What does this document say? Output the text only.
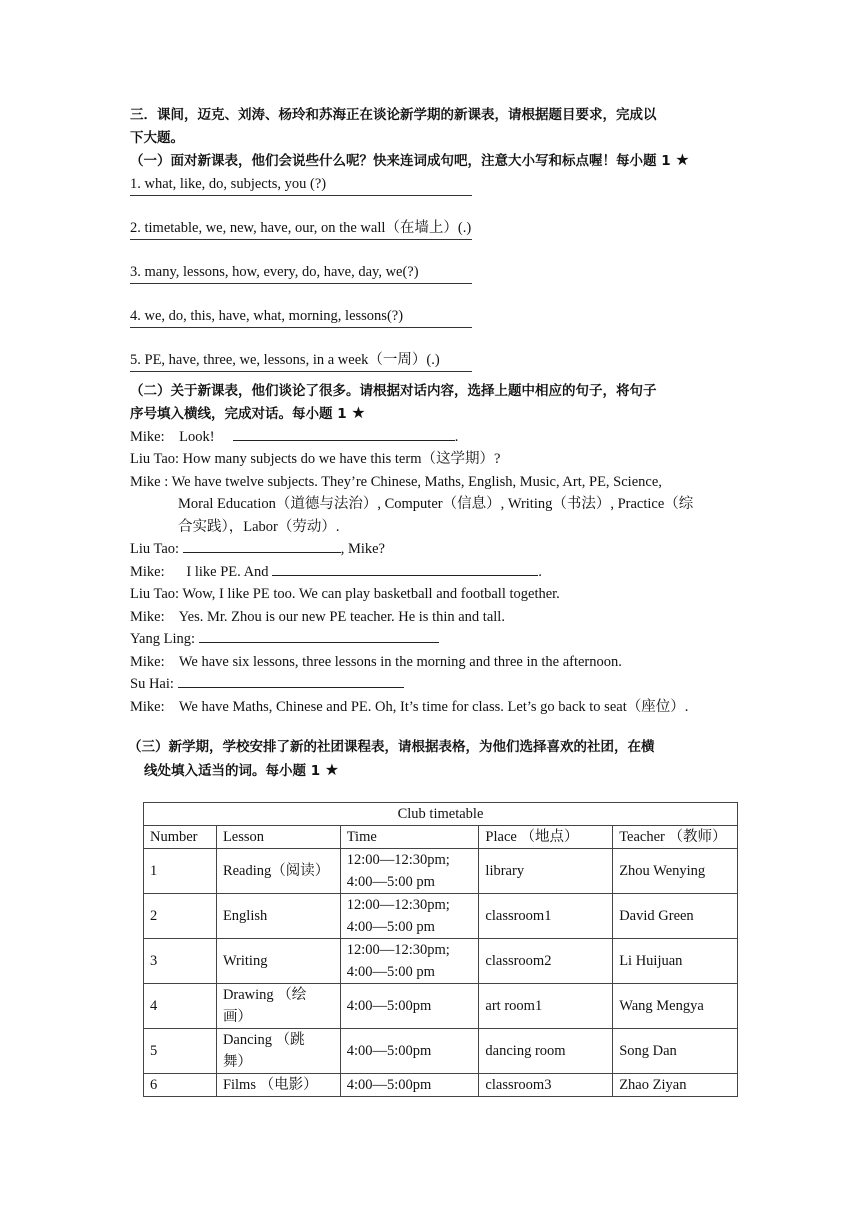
三．课间，迈克、刘涛、杨玲和苏海正在谈论新学期的新课表，请根据题目要求，完成以
下大题。
（一）面对新课表，他们会说些什么呢？快来连词成句吧，注意大小写和标点喔！每小题 1 ★
1. what, like, do, subjects, you (?)
2. timetable, we, new, have, our, on the wall（在墙上）(.)
3. many, lessons, how, every, do, have, day, we(?)
4. we, do, this, have, what, morning, lessons(?)
5. PE, have, three, we, lessons, in a week（一周）(.)
（二）关于新课表，他们谈论了很多。请根据对话内容，选择上题中相应的句子，将句子
序号填入横线，完成对话。每小题 1 ★
Mike: Look!	.
Liu Tao: How many subjects do we have this term（这学期）?
Mike : We have twelve subjects. They’re Chinese, Maths, English, Music, Art, PE, Science,
Moral Education（道德与法治）, Computer（信息）, Writing（书法）, Practice（综
合实践），Labor（劳动）.
Liu Tao:	, Mike?
Mike: I like PE. And	.
Liu Tao: Wow, I like PE too. We can play basketball and football together.
Mike: Yes. Mr. Zhou is our new PE teacher. He is thin and tall.
Yang Ling:
Mike: We have six lessons, three lessons in the morning and three in the afternoon.
Su Hai:
Mike: We have Maths, Chinese and PE. Oh, It’s time for class. Let’s go back to seat（座位）.
（三）新学期，学校安排了新的社团课程表，请根据表格，为他们选择喜欢的社团，在横
线处填入适当的词。每小题 1 ★
Club timetable				
Number	Lesson	Time	Place （地点）	Teacher （教师）
1	Reading（阅读）	12:00—12:30pm;
4:00—5:00 pm	library	Zhou Wenying
2	English	12:00—12:30pm;
4:00—5:00 pm	classroom1	David Green
3	Writing	12:00—12:30pm;
4:00—5:00 pm	classroom2	Li Huijuan
4	Drawing （绘
画）	4:00—5:00pm	art room1	Wang Mengya
5	Dancing （跳
舞）	4:00—5:00pm	dancing room	Song Dan
6	Films （电影）	4:00—5:00pm	classroom3	Zhao Ziyan
